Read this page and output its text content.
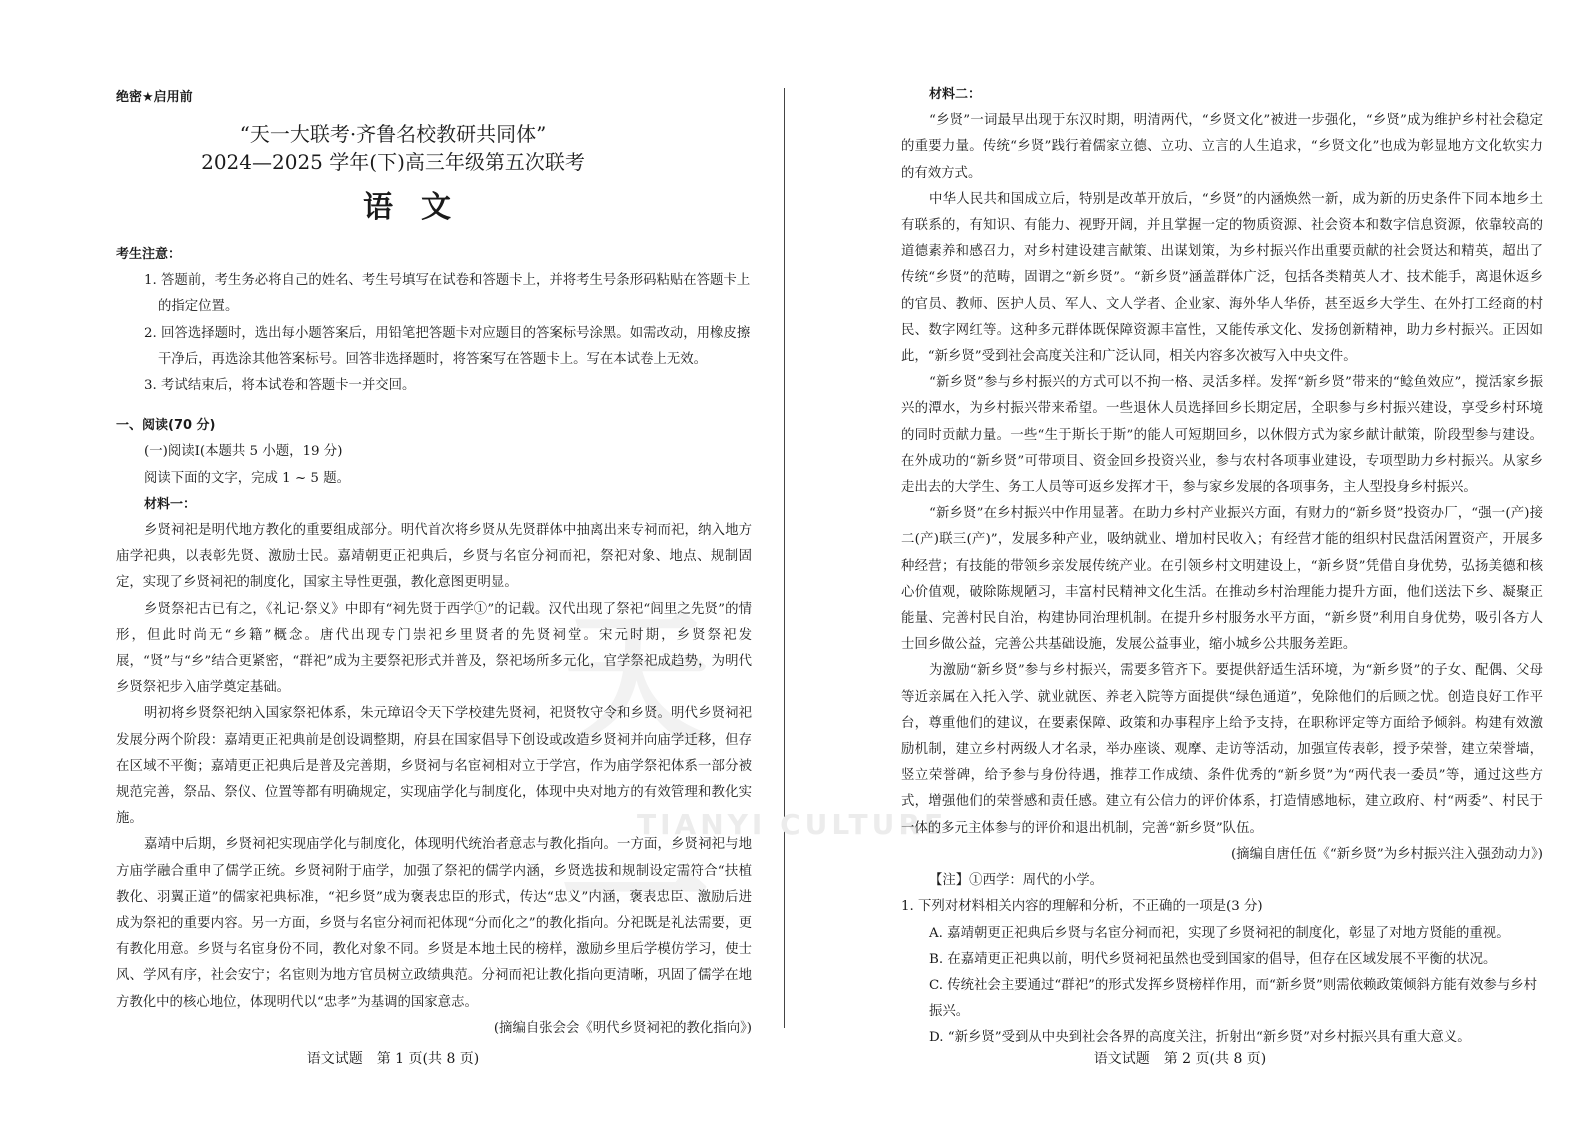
天一
绝密★启用前
“天一大联考·齐鲁名校教研共同体”
2024—2025 学年(下)高三年级第五次联考
语文

考生注意：

1. 答题前，考生务必将自己的姓名、考生号填写在试卷和答题卡上，并将考生号条形码粘贴在答题卡上的指定位置。

2. 回答选择题时，选出每小题答案后，用铅笔把答题卡对应题目的答案标号涂黑。如需改动，用橡皮擦干净后，再选涂其他答案标号。回答非选择题时，将答案写在答题卡上。写在本试卷上无效。

3. 考试结束后，将本试卷和答题卡一并交回。

一、阅读(70 分)

(一)阅读Ⅰ(本题共 5 小题，19 分)

阅读下面的文字，完成 1 ~ 5 题。

材料一：

乡贤祠祀是明代地方教化的重要组成部分。明代首次将乡贤从先贤群体中抽离出来专祠而祀，纳入地方庙学祀典，以表彰先贤、激励士民。嘉靖朝更正祀典后，乡贤与名宦分祠而祀，祭祀对象、地点、规制固定，实现了乡贤祠祀的制度化，国家主导性更强，教化意图更明显。

乡贤祭祀古已有之，《礼记·祭义》中即有“祠先贤于西学①”的记载。汉代出现了祭祀“闾里之先贤”的情形，但此时尚无“乡籍”概念。唐代出现专门崇祀乡里贤者的先贤祠堂。宋元时期，乡贤祭祀发展，“贤”与“乡”结合更紧密，“群祀”成为主要祭祀形式并普及，祭祀场所多元化，官学祭祀成趋势，为明代乡贤祭祀步入庙学奠定基础。

明初将乡贤祭祀纳入国家祭祀体系，朱元璋诏令天下学校建先贤祠，祀贤牧守令和乡贤。明代乡贤祠祀发展分两个阶段：嘉靖更正祀典前是创设调整期，府县在国家倡导下创设或改造乡贤祠并向庙学迁移，但存在区域不平衡；嘉靖更正祀典后是普及完善期，乡贤祠与名宦祠相对立于学宫，作为庙学祭祀体系一部分被规范完善，祭品、祭仪、位置等都有明确规定，实现庙学化与制度化，体现中央对地方的有效管理和教化实施。

嘉靖中后期，乡贤祠祀实现庙学化与制度化，体现明代统治者意志与教化指向。一方面，乡贤祠祀与地方庙学融合重申了儒学正统。乡贤祠附于庙学，加强了祭祀的儒学内涵，乡贤选拔和规制设定需符合“扶植教化、羽翼正道”的儒家祀典标准，“祀乡贤”成为褒表忠臣的形式，传达“忠义”内涵，褒表忠臣、激励后进成为祭祀的重要内容。另一方面，乡贤与名宦分祠而祀体现“分而化之”的教化指向。分祀既是礼法需要，更有教化用意。乡贤与名宦身份不同，教化对象不同。乡贤是本地土民的榜样，激励乡里后学模仿学习，使士风、学风有序，社会安宁；名宦则为地方官员树立政绩典范。分祠而祀让教化指向更清晰，巩固了儒学在地方教化中的核心地位，体现明代以“忠孝”为基调的国家意志。

(摘编自张会会《明代乡贤祠祀的教化指向》)

语文试题　第 1 页(共 8 页)
TIANYI CULTURE

材料二：

“乡贤”一词最早出现于东汉时期，明清两代，“乡贤文化”被进一步强化，“乡贤”成为维护乡村社会稳定的重要力量。传统“乡贤”践行着儒家立德、立功、立言的人生追求，“乡贤文化”也成为彰显地方文化软实力的有效方式。

中华人民共和国成立后，特别是改革开放后，“乡贤”的内涵焕然一新，成为新的历史条件下同本地乡土有联系的，有知识、有能力、视野开阔，并且掌握一定的物质资源、社会资本和数字信息资源，依靠较高的道德素养和感召力，对乡村建设建言献策、出谋划策，为乡村振兴作出重要贡献的社会贤达和精英，超出了传统“乡贤”的范畴，固谓之“新乡贤”。“新乡贤”涵盖群体广泛，包括各类精英人才、技术能手，离退休返乡的官员、教师、医护人员、军人、文人学者、企业家、海外华人华侨，甚至返乡大学生、在外打工经商的村民、数字网红等。这种多元群体既保障资源丰富性，又能传承文化、发扬创新精神，助力乡村振兴。正因如此，“新乡贤”受到社会高度关注和广泛认同，相关内容多次被写入中央文件。

“新乡贤”参与乡村振兴的方式可以不拘一格、灵活多样。发挥“新乡贤”带来的“鲶鱼效应”，搅活家乡振兴的潭水，为乡村振兴带来希望。一些退休人员选择回乡长期定居，全职参与乡村振兴建设，享受乡村环境的同时贡献力量。一些“生于斯长于斯”的能人可短期回乡，以休假方式为家乡献计献策，阶段型参与建设。在外成功的“新乡贤”可带项目、资金回乡投资兴业，参与农村各项事业建设，专项型助力乡村振兴。从家乡走出去的大学生、务工人员等可返乡发挥才干，参与家乡发展的各项事务，主人型投身乡村振兴。

“新乡贤”在乡村振兴中作用显著。在助力乡村产业振兴方面，有财力的“新乡贤”投资办厂，“强一(产)接二(产)联三(产)”，发展多种产业，吸纳就业、增加村民收入；有经营才能的组织村民盘活闲置资产，开展多种经营；有技能的带领乡亲发展传统产业。在引领乡村文明建设上，“新乡贤”凭借自身优势，弘扬美德和核心价值观，破除陈规陋习，丰富村民精神文化生活。在推动乡村治理能力提升方面，他们送法下乡、凝聚正能量、完善村民自治，构建协同治理机制。在提升乡村服务水平方面，“新乡贤”利用自身优势，吸引各方人士回乡做公益，完善公共基础设施，发展公益事业，缩小城乡公共服务差距。

为激励“新乡贤”参与乡村振兴，需要多管齐下。要提供舒适生活环境，为“新乡贤”的子女、配偶、父母等近亲属在入托入学、就业就医、养老入院等方面提供“绿色通道”，免除他们的后顾之忧。创造良好工作平台，尊重他们的建议，在要素保障、政策和办事程序上给予支持，在职称评定等方面给予倾斜。构建有效激励机制，建立乡村两级人才名录，举办座谈、观摩、走访等活动，加强宣传表彰，授予荣誉，建立荣誉墙，竖立荣誉碑，给予参与身份待遇，推荐工作成绩、条件优秀的“新乡贤”为“两代表一委员”等，通过这些方式，增强他们的荣誉感和责任感。建立有公信力的评价体系，打造情感地标，建立政府、村“两委”、村民于一体的多元主体参与的评价和退出机制，完善“新乡贤”队伍。

(摘编自唐任伍《“新乡贤”为乡村振兴注入强劲动力》)

【注】①西学：周代的小学。

1. 下列对材料相关内容的理解和分析，不正确的一项是(3 分)

A. 嘉靖朝更正祀典后乡贤与名宦分祠而祀，实现了乡贤祠祀的制度化，彰显了对地方贤能的重视。

B. 在嘉靖更正祀典以前，明代乡贤祠祀虽然也受到国家的倡导，但存在区域发展不平衡的状况。

C. 传统社会主要通过“群祀”的形式发挥乡贤榜样作用，而“新乡贤”则需依赖政策倾斜方能有效参与乡村振兴。

D. “新乡贤”受到从中央到社会各界的高度关注，折射出“新乡贤”对乡村振兴具有重大意义。

语文试题　第 2 页(共 8 页)
